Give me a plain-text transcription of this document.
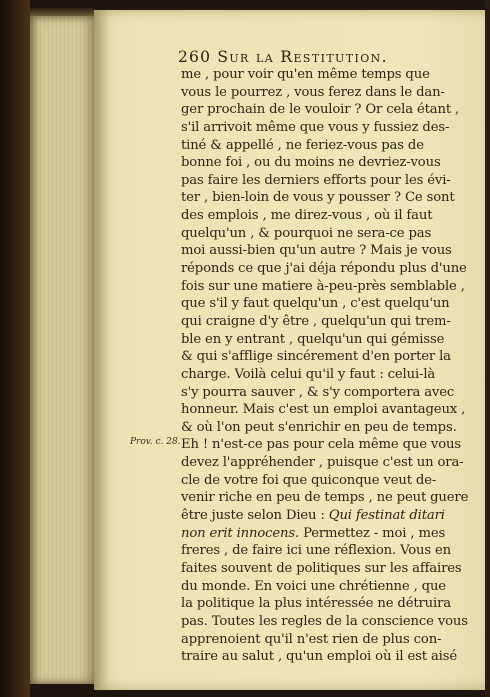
260 Sur la Restitution.
Prov. c. 28.
me , pour voir qu'en même temps que
vous le pourrez , vous ferez dans le dan-
ger prochain de le vouloir ? Or cela étant ,
s'il arrivoit même que vous y fussiez des-
tiné & appellé , ne feriez-vous pas de
bonne foi , ou du moins ne devriez-vous
pas faire les derniers efforts pour les évi-
ter , bien-loin de vous y pousser ? Ce sont
des emplois , me direz-vous , où il faut
quelqu'un , & pourquoi ne sera-ce pas
moi aussi-bien qu'un autre ? Mais je vous
réponds ce que j'ai déja répondu plus d'une
fois sur une matiere à-peu-près semblable ,
que s'il y faut quelqu'un , c'est quelqu'un
qui craigne d'y être , quelqu'un qui trem-
ble en y entrant , quelqu'un qui gémisse
& qui s'afflige sincérement d'en porter la
charge. Voilà celui qu'il y faut : celui-là
s'y pourra sauver , & s'y comportera avec
honneur. Mais c'est un emploi avantageux ,
& où l'on peut s'enrichir en peu de temps.
Eh ! n'est-ce pas pour cela même que vous
devez l'appréhender , puisque c'est un ora-
cle de votre foi que quiconque veut de-
venir riche en peu de temps , ne peut guere
être juste selon Dieu : Qui festinat ditari
non erit innocens. Permettez - moi , mes
freres , de faire ici une réflexion. Vous en
faites souvent de politiques sur les affaires
du monde. En voici une chrétienne , que
la politique la plus intéressée ne détruira
pas. Toutes les regles de la conscience vous
apprenoient qu'il n'est rien de plus con-
traire au salut , qu'un emploi où il est aisé
